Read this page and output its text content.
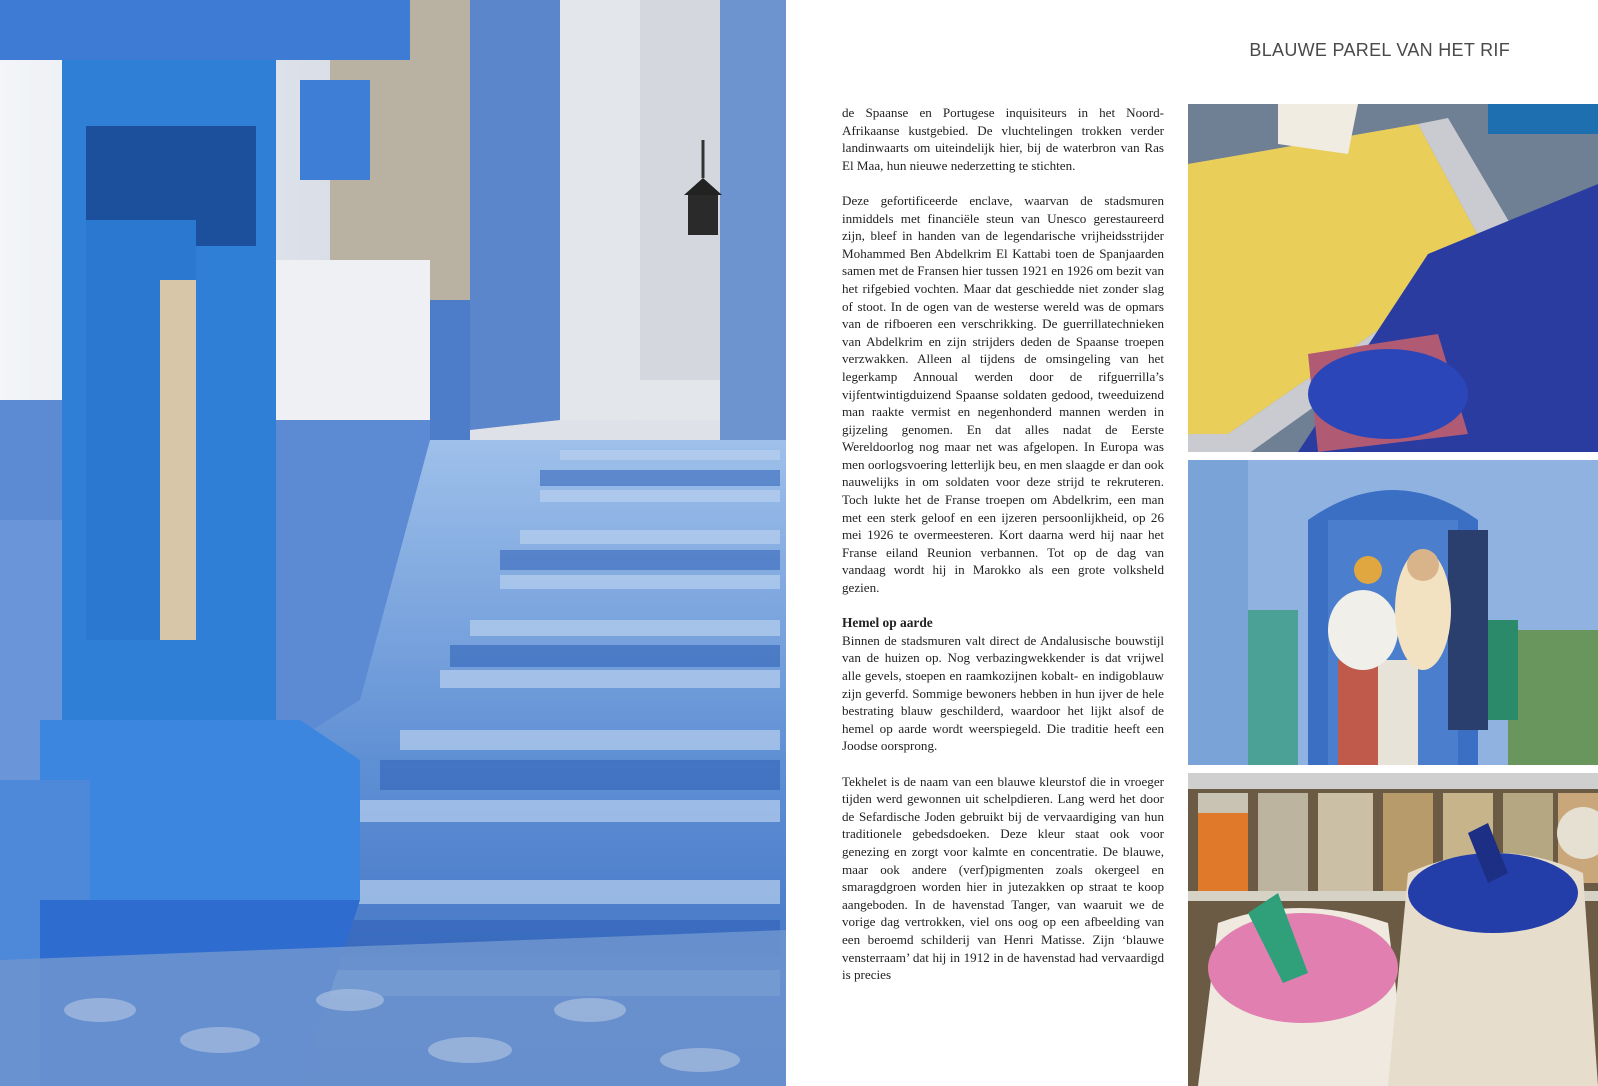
BLAUWE PAREL VAN HET RIF

de Spaanse en Portugese inquisiteurs in het Noord-Afrikaanse kustgebied. De vluchtelingen trokken verder landinwaarts om uiteindelijk hier, bij de waterbron van Ras El Maa, hun nieuwe nederzetting te stichten.

Deze gefortificeerde enclave, waarvan de stadsmuren inmiddels met financiële steun van Unesco gerestaureerd zijn, bleef in handen van de legendarische vrijheidsstrijder Mohammed Ben Abdelkrim El Kattabi toen de Spanjaarden samen met de Fransen hier tussen 1921 en 1926 om bezit van het rifgebied vochten. Maar dat geschiedde niet zonder slag of stoot. In de ogen van de westerse wereld was de opmars van de rifboeren een verschrikking. De guerrillatechnieken van Abdelkrim en zijn strijders deden de Spaanse troepen verzwakken. Alleen al tijdens de omsingeling van het legerkamp Annoual werden door de rifguerrilla’s vijfentwintigduizend Spaanse soldaten gedood, tweeduizend man raakte vermist en negenhonderd mannen werden in gijzeling genomen. En dat alles nadat de Eerste Wereldoorlog nog maar net was afgelopen. In Europa was men oorlogsvoering letterlijk beu, en men slaagde er dan ook nauwelijks in om soldaten voor deze strijd te rekruteren. Toch lukte het de Franse troepen om Abdelkrim, een man met een sterk geloof en een ijzeren persoonlijkheid, op 26 mei 1926 te overmeesteren. Kort daarna werd hij naar het Franse eiland Reunion verbannen. Tot op de dag van vandaag wordt hij in Marokko als een grote volksheld gezien.

Hemel op aarde

Binnen de stadsmuren valt direct de Andalusische bouwstijl van de huizen op. Nog verbazingwekkender is dat vrijwel alle gevels, stoepen en raamkozijnen kobalt- en indigoblauw zijn geverfd. Sommige bewoners hebben in hun ijver de hele bestrating blauw geschilderd, waardoor het lijkt alsof de hemel op aarde wordt weerspiegeld. Die traditie heeft een Joodse oorsprong.

Tekhelet is de naam van een blauwe kleurstof die in vroeger tijden werd gewonnen uit schelpdieren. Lang werd het door de Sefardische Joden gebruikt bij de vervaardiging van hun traditionele gebedsdoeken. Deze kleur staat ook voor genezing en zorgt voor kalmte en concentratie. De blauwe, maar ook andere (verf)pigmenten zoals okergeel en smaragdgroen worden hier in jutezakken op straat te koop aangeboden. In de havenstad Tanger, van waaruit we de vorige dag vertrokken, viel ons oog op een afbeelding van een beroemd schilderij van Henri Matisse. Zijn ‘blauwe vensterraam’ dat hij in 1912 in de havenstad had vervaardigd is precies
